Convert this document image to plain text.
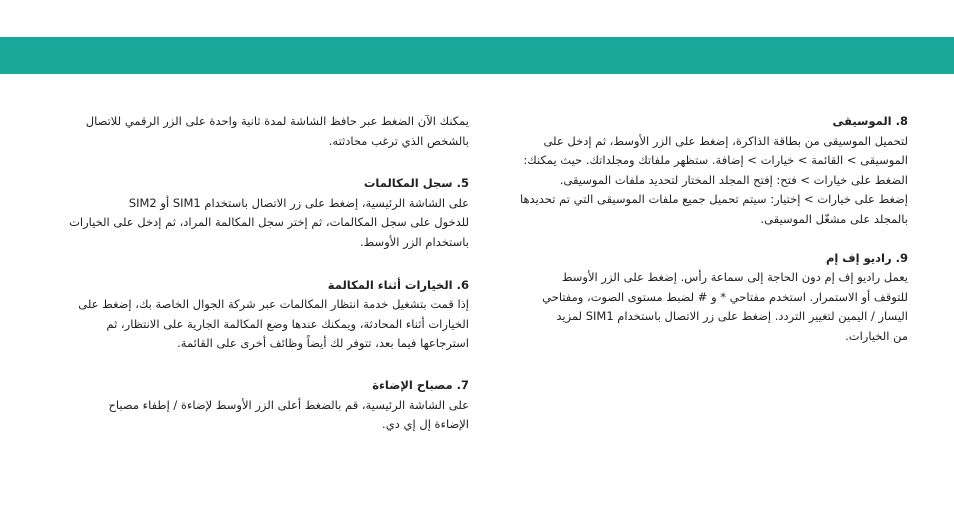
8. الموسيقى

لتحميل الموسيقى من بطاقة الذاكرة، إضغط على الزر الأوسط، ثم إدخل على

الموسيقى > القائمة > خيارات > إضافة. ستظهر ملفاتك ومجلداتك. حيث يمكنك:

الضغط على خيارات > فتح: إفتح المجلد المختار لتحديد ملفات الموسيقى.

إضغط على خيارات > إختيار: سيتم تحميل جميع ملفات الموسيقى التي تم تحديدها

بالمجلد على مشغّل الموسيقى.

9. راديو إف إم

يعمل راديو إف إم دون الحاجة إلى سماعة رأس. إضغط على الزر الأوسط

للتوقف أو الاستمرار. استخدم مفتاحي * و # لضبط مستوى الصوت، ومفتاحي

اليسار / اليمين لتغيير التردد. إضغط على زر الاتصال باستخدام SIM1 لمزيد

من الخيارات.

يمكنك الآن الضغط عبر حافظ الشاشة لمدة ثانية واحدة على الزر الرقمي للاتصال

بالشخص الذي ترغب محادثته.

5. سجل المكالمات

على الشاشة الرئيسية، إضغط على زر الاتصال باستخدام SIM1 أو SIM2

للدخول على سجل المكالمات، ثم إختر سجل المكالمة المراد، ثم إدخل على الخيارات

باستخدام الزر الأوسط.

6. الخيارات أثناء المكالمة

إذا قمت بتشغيل خدمة انتظار المكالمات عبر شركة الجوال الخاصة بك، إضغط على

الخيارات أثناء المحادثة، ويمكنك عندها وضع المكالمة الجارية على الانتظار، ثم

استرجاعها فيما بعد، تتوفر لك أيضاً وظائف أخرى على القائمة.

7. مصباح الإضاءة

على الشاشة الرئيسية، قم بالضغط أعلى الزر الأوسط لإضاءة / إطفاء مصباح

الإضاءة إل إي دي.
